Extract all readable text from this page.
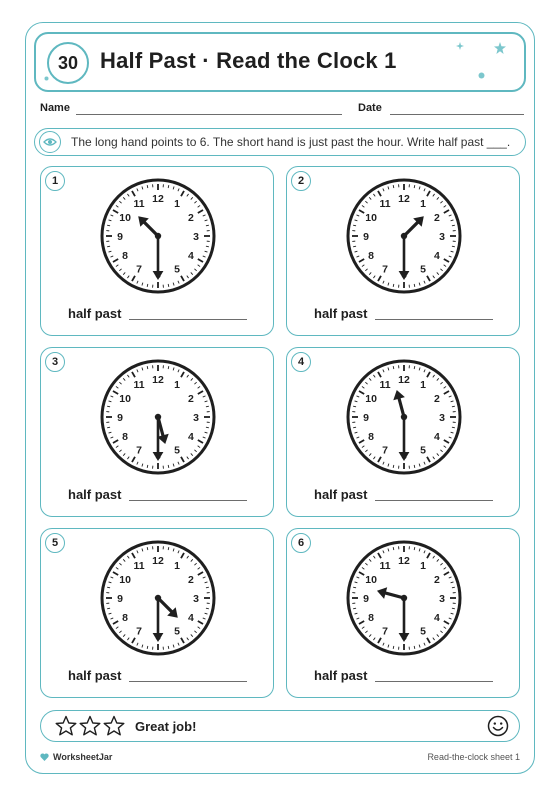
30 Half Past · Read the Clock 1
Name	Date
The long hand points to 6. The short hand is just past the hour. Write half past ___.
1
12 1
2
3
4
5
7
8
9
10
11
half past
2
12 1
2
3
4
5
7
8
9
10
11
half past
3
12 1
2
3
4
5
7
8
9
10
11
half past
4
12 1
2
3
4
5
7
8
9
10
11
half past
5
12 1
2
3
4
5
7
8
9
10
11
half past
6
12 1
2
3
4
5
7
8
9
10
11
half past
Great job!
WorksheetJar	Read-the-clock sheet 1
